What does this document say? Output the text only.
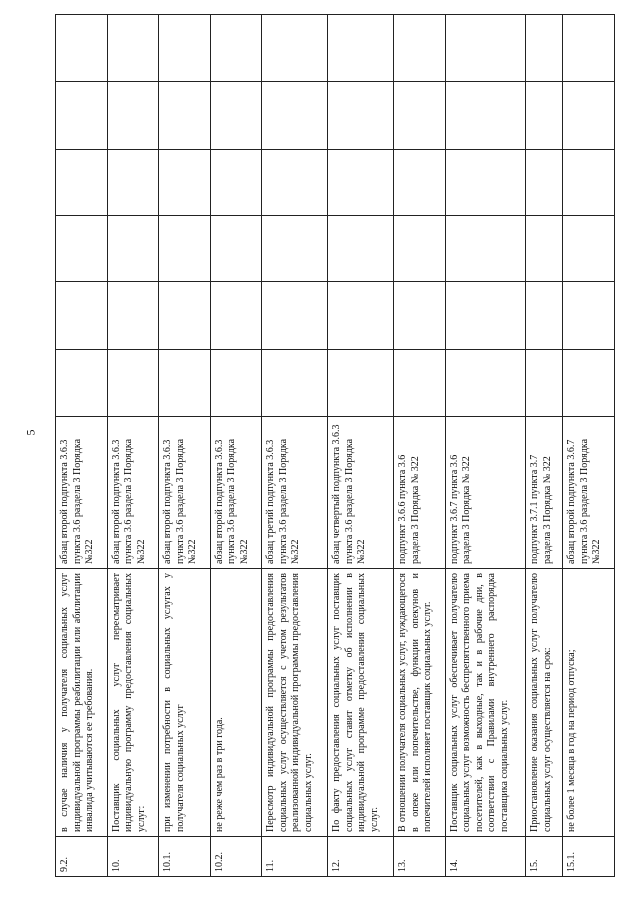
5
9.2.	в случае наличия у получателя социальных услуг индивидуальной программы реабилитации или абилитации инвалида учитываются ее требования.	абзац второй подпункта 3.6.3 пункта 3.6 раздела 3 Порядка №322						
10.	Поставщик социальных услуг пересматривает индивидуальную программу предоставления социальных услуг:	абзац второй подпункта 3.6.3 пункта 3.6 раздела 3 Порядка №322						
10.1.	при изменении потребности в социальных услугах у получателя социальных услуг	абзац второй подпункта 3.6.3 пункта 3.6 раздела 3 Порядка №322						
10.2.	не реже чем раз в три года.	абзац второй подпункта 3.6.3 пункта 3.6 раздела 3 Порядка №322						
11.	Пересмотр индивидуальной программы предоставления социальных услуг осуществляется с учетом результатов реализованной индивидуальной программы предоставления социальных услуг.	абзац третий подпункта 3.6.3 пункта 3.6 раздела 3 Порядка №322						
12.	По факту предоставления социальных услуг поставщик социальных услуг ставит отметку об исполнении в индивидуальной программе предоставления социальных услуг.	абзац четвертый подпункта 3.6.3 пункта 3.6 раздела 3 Порядка №322						
13.	В отношении получателя социальных услуг, нуждающегося в опеке или попечительстве, функции опекунов и попечителей исполняет поставщик социальных услуг.	подпункт 3.6.6 пункта 3.6 раздела 3 Порядка № 322						
14.	Поставщик социальных услуг обеспечивает получателю социальных услуг возможность беспрепятственного приема посетителей, как в выходные, так и в рабочие дни, в соответствии с Правилами внутреннего распорядка поставщика социальных услуг.	подпункт 3.6.7 пункта 3.6 раздела 3 Порядка № 322						
15.	Приостановление оказания социальных услуг получателю социальных услуг осуществляется на срок:	подпункт 3.7.1 пункта 3.7 раздела 3 Порядка № 322						
15.1.	не более 1 месяца в год на период отпуска;	абзац второй подпункта 3.6.7 пункта 3.6 раздела 3 Порядка №322						
